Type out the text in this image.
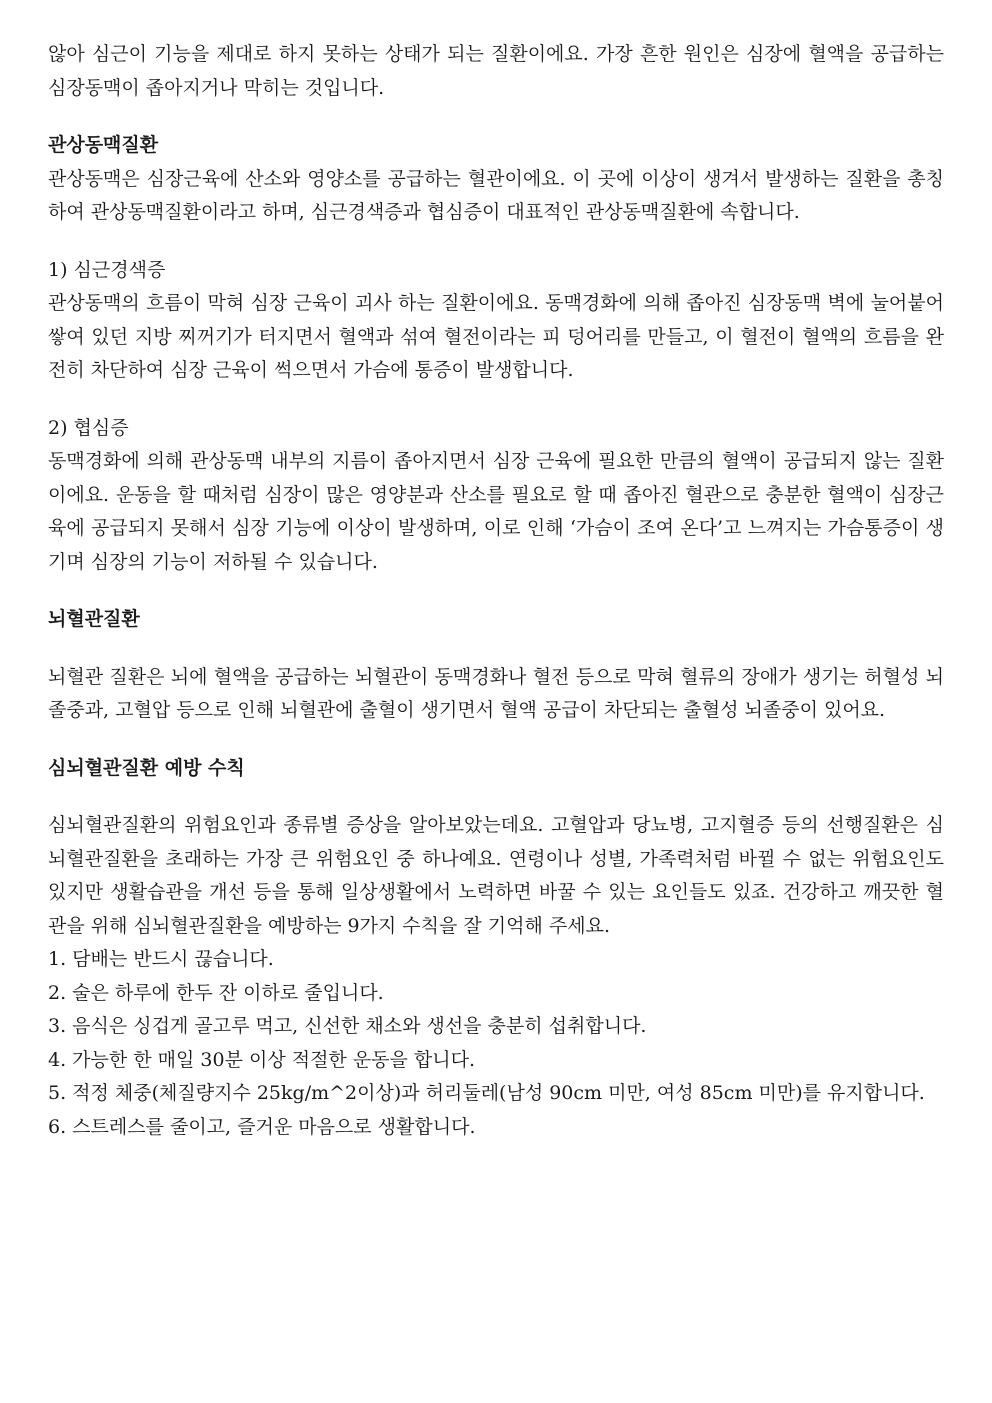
않아 심근이 기능을 제대로 하지 못하는 상태가 되는 질환이에요. 가장 흔한 원인은 심장에 혈액을 공급하는 심장동맥이 좁아지거나 막히는 것입니다.

관상동맥질환

관상동맥은 심장근육에 산소와 영양소를 공급하는 혈관이에요. 이 곳에 이상이 생겨서 발생하는 질환을 총칭하여 관상동맥질환이라고 하며, 심근경색증과 협심증이 대표적인 관상동맥질환에 속합니다.

1) 심근경색증

관상동맥의 흐름이 막혀 심장 근육이 괴사 하는 질환이에요. 동맥경화에 의해 좁아진 심장동맥 벽에 눌어붙어 쌓여 있던 지방 찌꺼기가 터지면서 혈액과 섞여 혈전이라는 피 덩어리를 만들고, 이 혈전이 혈액의 흐름을 완전히 차단하여 심장 근육이 썩으면서 가슴에 통증이 발생합니다.

2) 협심증

동맥경화에 의해 관상동맥 내부의 지름이 좁아지면서 심장 근육에 필요한 만큼의 혈액이 공급되지 않는 질환이에요. 운동을 할 때처럼 심장이 많은 영양분과 산소를 필요로 할 때 좁아진 혈관으로 충분한 혈액이 심장근육에 공급되지 못해서 심장 기능에 이상이 발생하며, 이로 인해 ‘가슴이 조여 온다’고 느껴지는 가슴통증이 생기며 심장의 기능이 저하될 수 있습니다.

뇌혈관질환

뇌혈관 질환은 뇌에 혈액을 공급하는 뇌혈관이 동맥경화나 혈전 등으로 막혀 혈류의 장애가 생기는 허혈성 뇌졸중과, 고혈압 등으로 인해 뇌혈관에 출혈이 생기면서 혈액 공급이 차단되는 출혈성 뇌졸중이 있어요.

심뇌혈관질환 예방 수칙

심뇌혈관질환의 위험요인과 종류별 증상을 알아보았는데요. 고혈압과 당뇨병, 고지혈증 등의 선행질환은 심뇌혈관질환을 초래하는 가장 큰 위험요인 중 하나예요. 연령이나 성별, 가족력처럼 바뀔 수 없는 위험요인도 있지만 생활습관을 개선 등을 통해 일상생활에서 노력하면 바꿀 수 있는 요인들도 있죠. 건강하고 깨끗한 혈관을 위해 심뇌혈관질환을 예방하는 9가지 수칙을 잘 기억해 주세요.

1. 담배는 반드시 끊습니다.

2. 술은 하루에 한두 잔 이하로 줄입니다.

3. 음식은 싱겁게 골고루 먹고, 신선한 채소와 생선을 충분히 섭취합니다.

4. 가능한 한 매일 30분 이상 적절한 운동을 합니다.

5. 적정 체중(체질량지수 25kg/m^2이상)과 허리둘레(남성 90cm 미만, 여성 85cm 미만)를 유지합니다.

6. 스트레스를 줄이고, 즐거운 마음으로 생활합니다.
